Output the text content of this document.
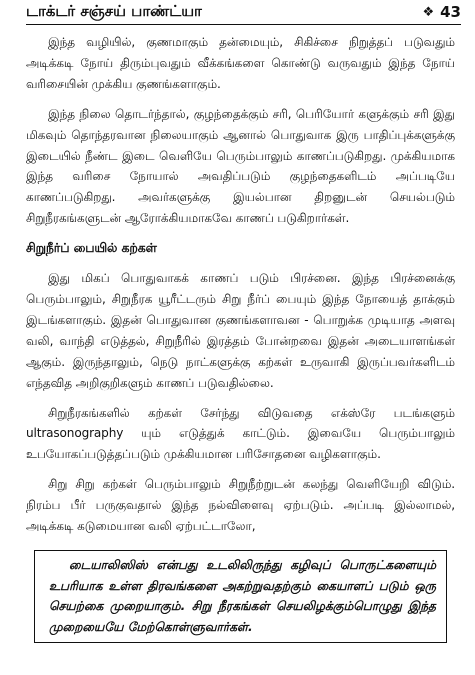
டாக்டர் சஞ்சய் பாண்ட்யா	❖ 43

இந்த வழியில், குணமாகும் தன்மையும், சிகிச்சை நிறுத்தப் படுவதும் அடிக்கடி நோய் திரும்புவதும் வீக்கங்களை கொண்டு வருவதும் இந்த நோய் வரிசையின் முக்கிய குணங்களாகும்.

இந்த நிலை தொடர்ந்தால், குழந்தைக்கும் சரி, பெரியோர் களுக்கும் சரி இது மிகவும் தொந்தரவான நிலையாகும் ஆனால் பொதுவாக இரு பாதிப்புக்களுக்கு இடையில் நீண்ட இடை வெளியே பெரும்பாலும் காணப்படுகிறது. முக்கியமாக இந்த வரிசை நோயால் அவதிப்படும் குழந்தைகளிடம் அப்படியே காணப்படுகிறது. அவர்களுக்கு இயல்பான திறனுடன் செயல்படும் சிறுநீரகங்களுடன் ஆரோக்கியமாகவே காணப் படுகிறார்கள்.

சிறுநீர்ப் பையில் கற்கள்

இது மிகப் பொதுவாகக் காணப் படும் பிரச்னை. இந்த பிரச்னைக்கு பெரும்பாலும், சிறுநீரக யூரீட்டரும் சிறு நீர்ப் பையும் இந்த நோயைத் தாக்கும் இடங்களாகும். இதன் பொதுவான குணங்களாவன - பொறுக்க முடியாத அளவு வலி, வாந்தி எடுத்தல், சிறுநீரில் இரத்தம் போன்றவை இதன் அடையாளங்கள் ஆகும். இருந்தாலும், நெடு நாட்களுக்கு கற்கள் உருவாகி இருப்பவர்களிடம் எந்தவித அறிகுறிகளும் காணப் படுவதில்லை.

சிறுநீரகங்களில் கற்கள் சேர்ந்து விடுவதை எக்ஸ்ரே படங்களும் ultrasonography யும் எடுத்துக் காட்டும். இவையே பெரும்பாலும் உபயோகப்படுத்தப்படும் முக்கியமான பரிசோதனை வழிகளாகும்.

சிறு சிறு கற்கள் பெரும்பாலும் சிறுநீற்றுடன் கலந்து வெளியேறி விடும். நிரம்ப பீர் பருகுவதால் இந்த நல்விளைவு ஏற்படும். அப்படி இல்லாமல், அடிக்கடி கடுமையான வலி ஏற்பட்டாலோ,

டையாலிஸிஸ் என்பது உடலிலிருந்து கழிவுப் பொருட்களையும் உபரியாக உள்ள திரவங்களை அகற்றுவதற்கும் கையாளப் படும் ஒரு செயற்கை முறையாகும். சிறு நீரகங்கள் செயலிழக்கும்பொழுது இந்த முறையையே மேற்கொள்ளுவார்கள்.
